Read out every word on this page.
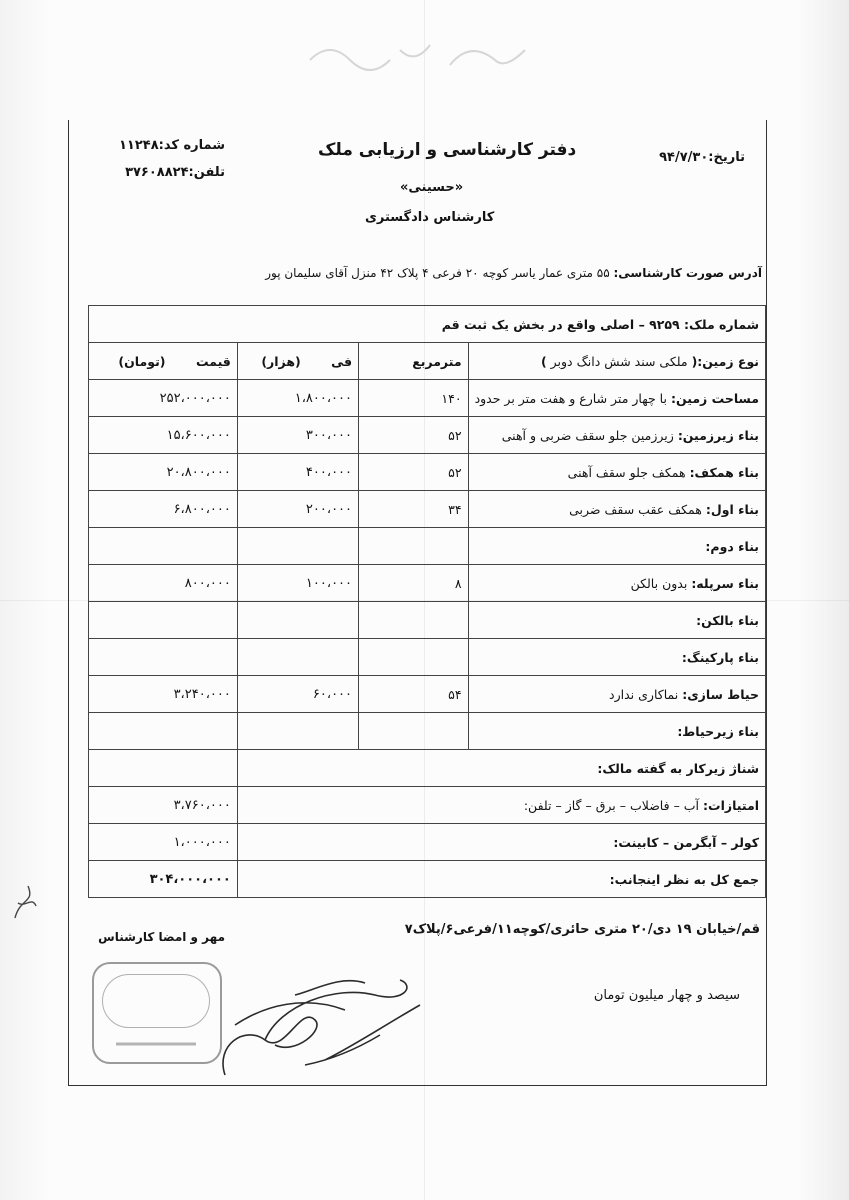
دفتر کارشناسی و ارزیابی ملک
«حسینی»
کارشناس دادگستری
شماره کد:۱۱۲۴۸
تلفن:۳۷۶۰۸۸۲۴
تاریخ:۹۴/۷/۳۰
آدرس صورت کارشناسی: ۵۵ متری عمار یاسر کوچه ۲۰ فرعی ۴ پلاک ۴۲ منزل آقای سلیمان پور
شماره ملک: ۹۲۵۹ – اصلی واقع در بخش یک ثبت قم			
نوع زمین:( ملکی سند شش دانگ دوبر )	مترمربع	فی       (هزار)	قیمت       (تومان)
مساحت زمین: با چهار متر شارع و هفت متر بر حدود	۱۴۰	۱،۸۰۰،۰۰۰	۲۵۲،۰۰۰،۰۰۰
بناء زیرزمین: زیرزمین جلو سقف ضربی و آهنی	۵۲	۳۰۰،۰۰۰	۱۵،۶۰۰،۰۰۰
بناء همکف: همکف جلو سقف آهنی	۵۲	۴۰۰،۰۰۰	۲۰،۸۰۰،۰۰۰
بناء اول: همکف عقب سقف ضربی	۳۴	۲۰۰،۰۰۰	۶،۸۰۰،۰۰۰
بناء دوم:			
بناء سرپله: بدون بالکن	۸	۱۰۰،۰۰۰	۸۰۰،۰۰۰
بناء بالکن:			
بناء پارکینگ:			
حیاط سازی: نماکاری ندارد	۵۴	۶۰،۰۰۰	۳،۲۴۰،۰۰۰
بناء زیرحیاط:			
شناژ زیرکار به گفته مالک:			
امتیازات: آب – فاضلاب – برق – گاز – تلفن:			۳،۷۶۰،۰۰۰
کولر – آبگرمن – کابینت:			۱،۰۰۰،۰۰۰
جمع کل به نظر اینجانب:			۳۰۴،۰۰۰،۰۰۰
قم/خیابان ۱۹ دی/۲۰ متری حائری/کوچه۱۱/فرعی۶/پلاک۷
مهر و امضا کارشناس
سیصد و چهار میلیون تومان
